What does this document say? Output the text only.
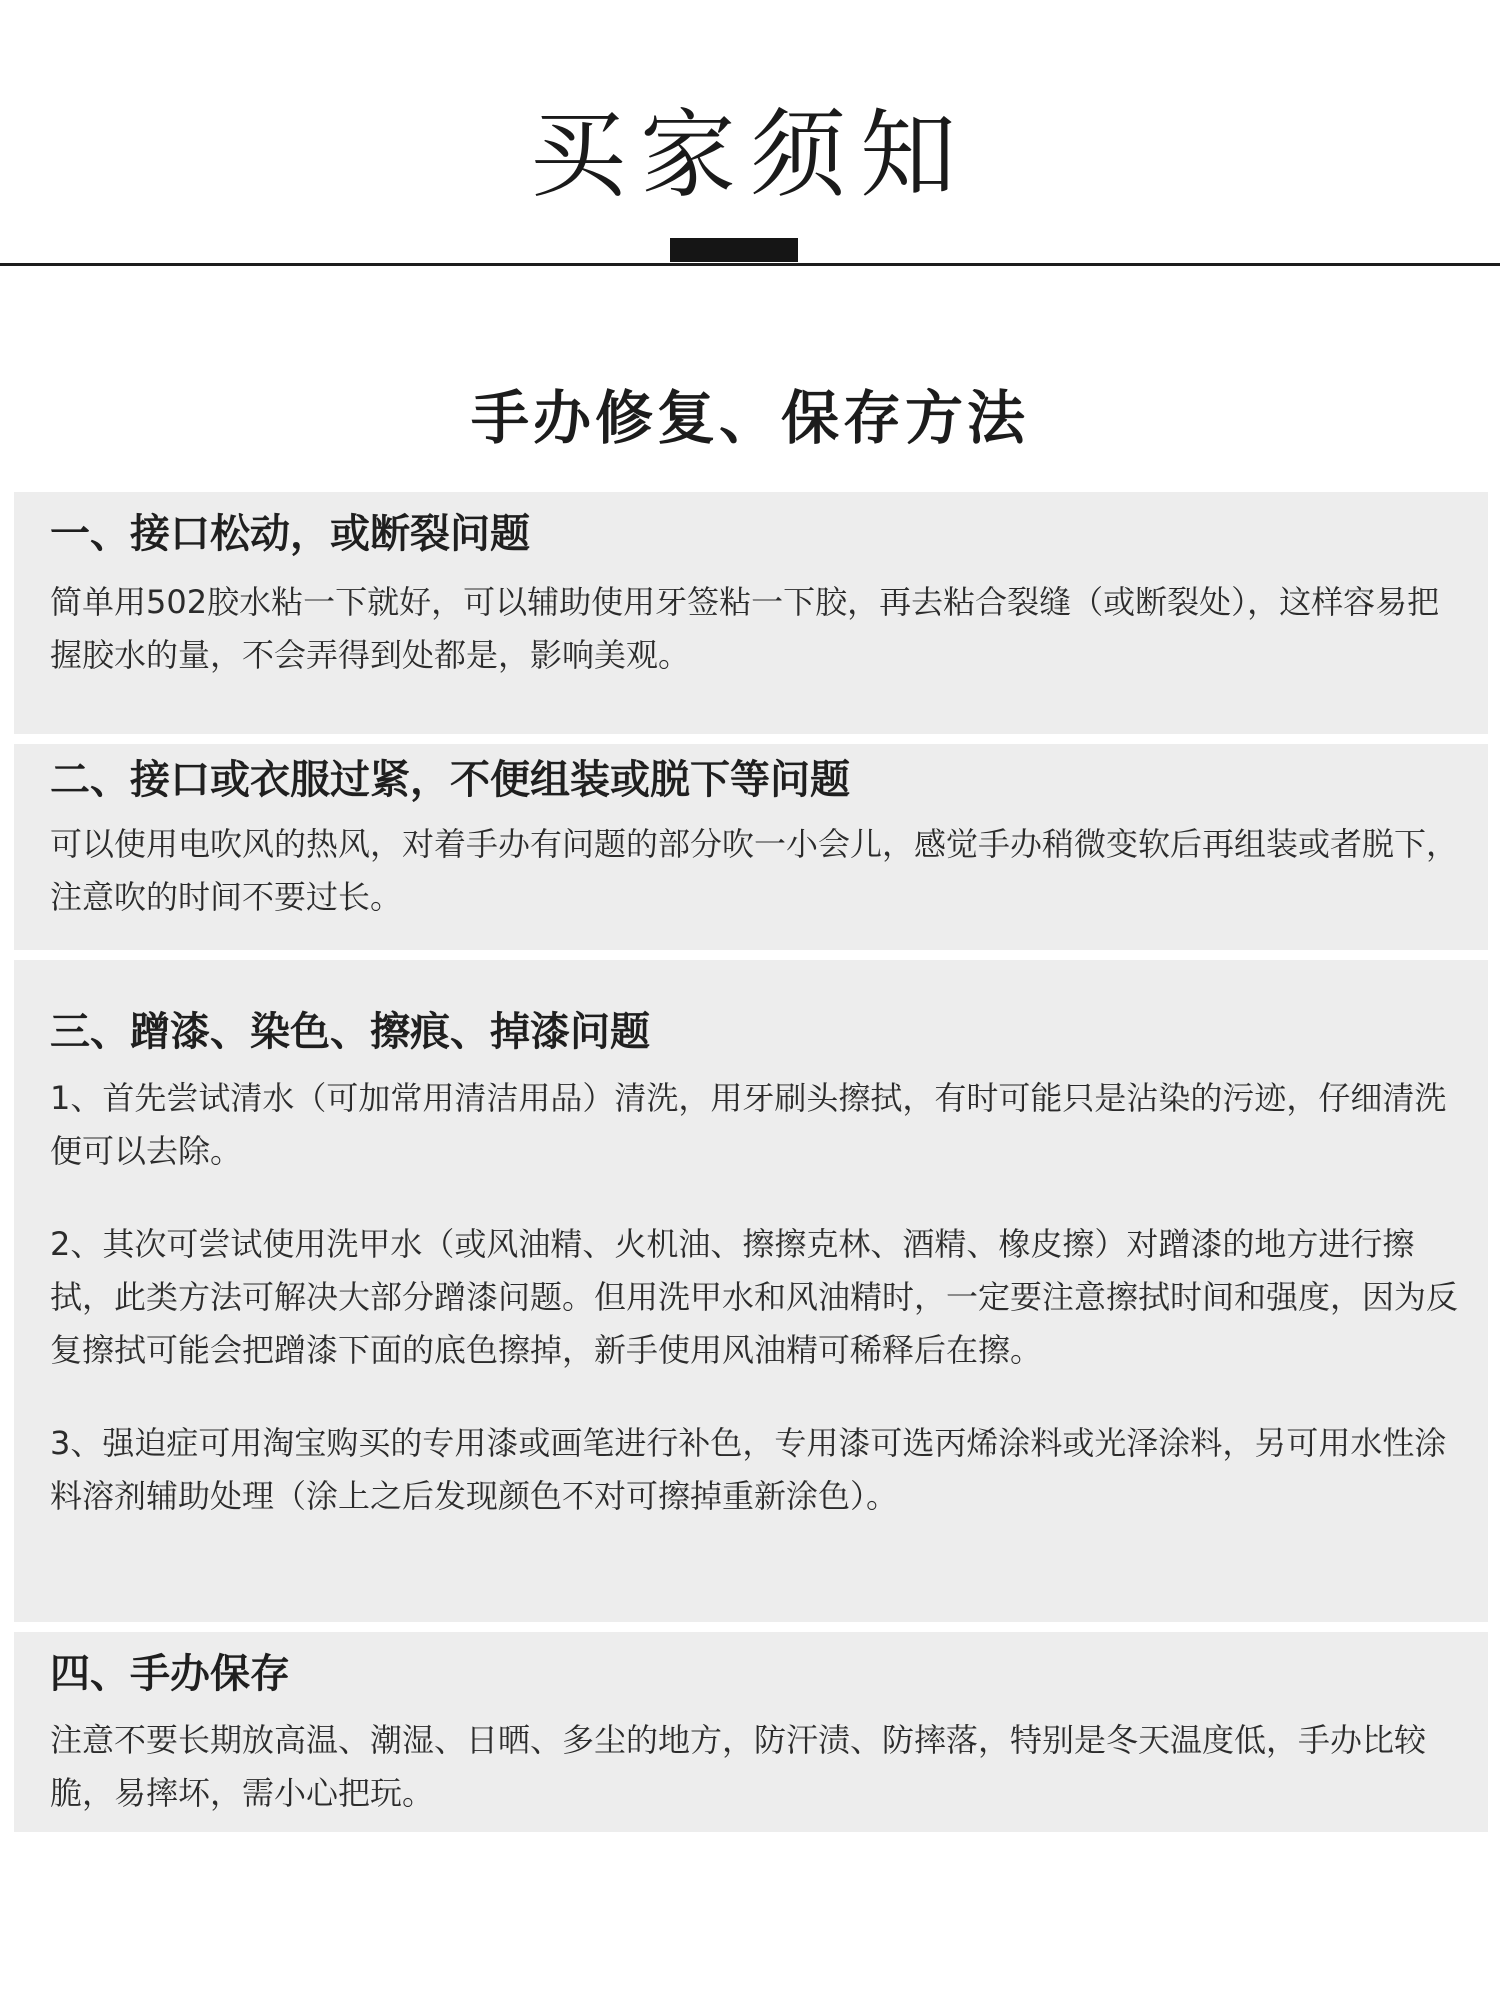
买家须知
手办修复、保存方法
一、接口松动，或断裂问题

简单用502胶水粘一下就好，可以辅助使用牙签粘一下胶，再去粘合裂缝（或断裂处），这样容易把握胶水的量，不会弄得到处都是，影响美观。

二、接口或衣服过紧，不便组装或脱下等问题

可以使用电吹风的热风，对着手办有问题的部分吹一小会儿，感觉手办稍微变软后再组装或者脱下，注意吹的时间不要过长。

三、蹭漆、染色、擦痕、掉漆问题

1、首先尝试清水（可加常用清洁用品）清洗，用牙刷头擦拭，有时可能只是沾染的污迹，仔细清洗便可以去除。

2、其次可尝试使用洗甲水（或风油精、火机油、擦擦克林、酒精、橡皮擦）对蹭漆的地方进行擦拭，此类方法可解决大部分蹭漆问题。但用洗甲水和风油精时，一定要注意擦拭时间和强度，因为反复擦拭可能会把蹭漆下面的底色擦掉，新手使用风油精可稀释后在擦。

3、强迫症可用淘宝购买的专用漆或画笔进行补色，专用漆可选丙烯涂料或光泽涂料，另可用水性涂料溶剂辅助处理（涂上之后发现颜色不对可擦掉重新涂色）。

四、手办保存

注意不要长期放高温、潮湿、日晒、多尘的地方，防汗渍、防摔落，特别是冬天温度低，手办比较脆，易摔坏，需小心把玩。
